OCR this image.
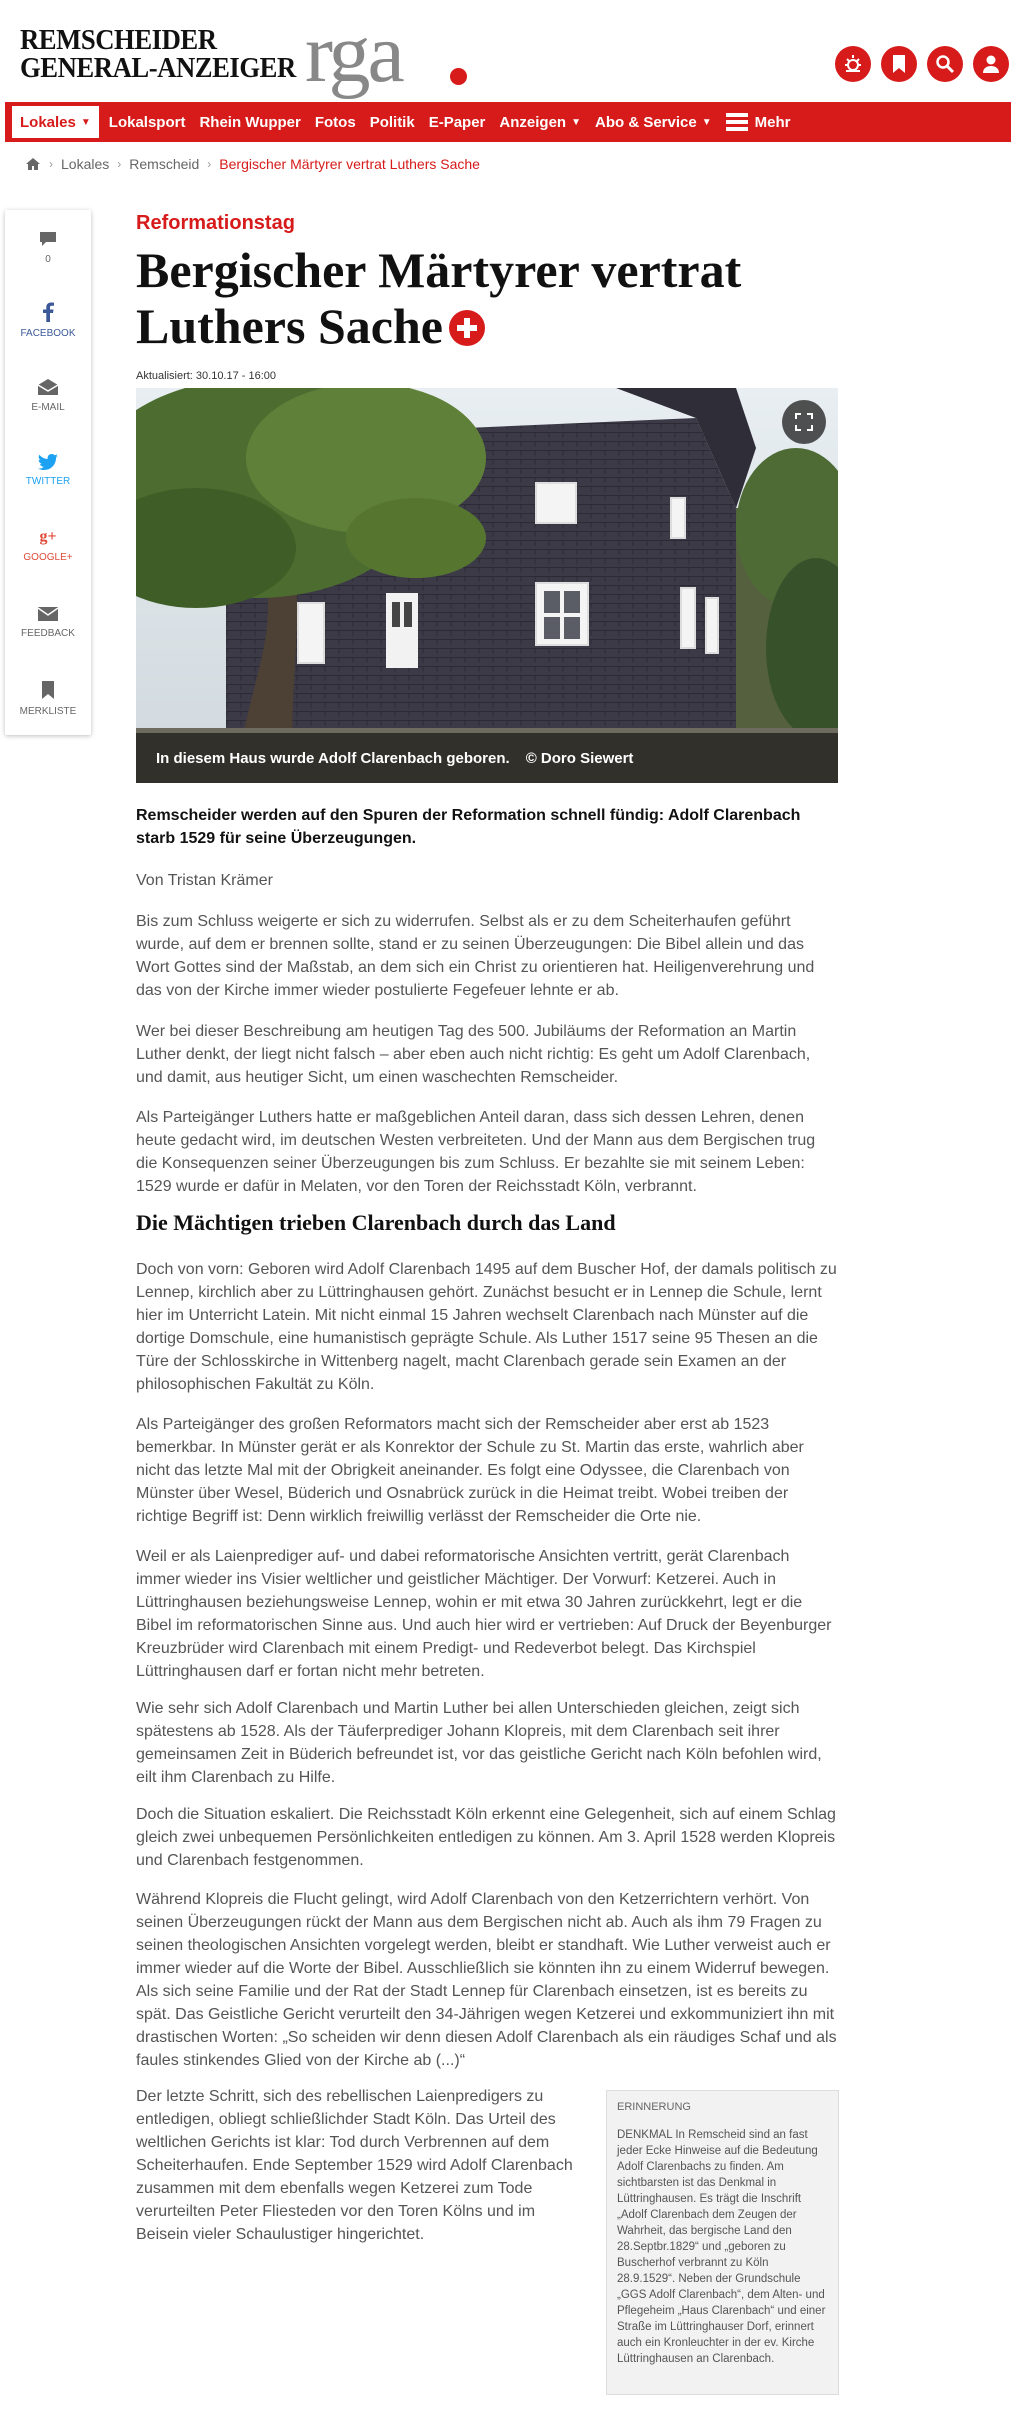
REMSCHEIDER
GENERAL-ANZEIGER rga
Lokales ▼	Lokalsport Rhein Wupper Fotos Politik E-Paper Anzeigen ▼ Abo & Service ▼	Mehr
› Lokales › Remscheid › Bergischer Märtyrer vertrat Luthers Sache
0
FACEBOOK
E-MAIL
TWITTER
g+
GOOGLE+
FEEDBACK
MERKLISTE
Reformationstag
Bergischer Märtyrer vertrat Luthers Sache
Aktualisiert: 30.10.17 - 16:00
In diesem Haus wurde Adolf Clarenbach geboren. © Doro Siewert

Remscheider werden auf den Spuren der Reformation schnell fündig: Adolf Clarenbach starb 1529 für seine Überzeugungen.

Von Tristan Krämer

Bis zum Schluss weigerte er sich zu widerrufen. Selbst als er zu dem Scheiterhaufen geführt wurde, auf dem er brennen sollte, stand er zu seinen Überzeugungen: Die Bibel allein und das Wort Gottes sind der Maßstab, an dem sich ein Christ zu orientieren hat. Heiligenverehrung und das von der Kirche immer wieder postulierte Fegefeuer lehnte er ab.

Wer bei dieser Beschreibung am heutigen Tag des 500. Jubiläums der Reformation an Martin Luther denkt, der liegt nicht falsch – aber eben auch nicht richtig: Es geht um Adolf Clarenbach, und damit, aus heutiger Sicht, um einen waschechten Remscheider.

Als Parteigänger Luthers hatte er maßgeblichen Anteil daran, dass sich dessen Lehren, denen heute gedacht wird, im deutschen Westen verbreiteten. Und der Mann aus dem Bergischen trug die Konsequenzen seiner Überzeugungen bis zum Schluss. Er bezahlte sie mit seinem Leben: 1529 wurde er dafür in Melaten, vor den Toren der Reichsstadt Köln, verbrannt.

Die Mächtigen trieben Clarenbach durch das Land

Doch von vorn: Geboren wird Adolf Clarenbach 1495 auf dem Buscher Hof, der damals politisch zu Lennep, kirchlich aber zu Lüttringhausen gehört. Zunächst besucht er in Lennep die Schule, lernt hier im Unterricht Latein. Mit nicht einmal 15 Jahren wechselt Clarenbach nach Münster auf die dortige Domschule, eine humanistisch geprägte Schule. Als Luther 1517 seine 95 Thesen an die Türe der Schlosskirche in Wittenberg nagelt, macht Clarenbach gerade sein Examen an der philosophischen Fakultät zu Köln.

Als Parteigänger des großen Reformators macht sich der Remscheider aber erst ab 1523 bemerkbar. In Münster gerät er als Konrektor der Schule zu St. Martin das erste, wahrlich aber nicht das letzte Mal mit der Obrigkeit aneinander. Es folgt eine Odyssee, die Clarenbach von Münster über Wesel, Büderich und Osnabrück zurück in die Heimat treibt. Wobei treiben der richtige Begriff ist: Denn wirklich freiwillig verlässt der Remscheider die Orte nie.

Weil er als Laienprediger auf- und dabei reformatorische Ansichten vertritt, gerät Clarenbach immer wieder ins Visier weltlicher und geistlicher Mächtiger. Der Vorwurf: Ketzerei. Auch in Lüttringhausen beziehungsweise Lennep, wohin er mit etwa 30 Jahren zurückkehrt, legt er die Bibel im reformatorischen Sinne aus. Und auch hier wird er vertrieben: Auf Druck der Beyenburger Kreuzbrüder wird Clarenbach mit einem Predigt- und Redeverbot belegt. Das Kirchspiel Lüttringhausen darf er fortan nicht mehr betreten.

Wie sehr sich Adolf Clarenbach und Martin Luther bei allen Unterschieden gleichen, zeigt sich spätestens ab 1528. Als der Täuferprediger Johann Klopreis, mit dem Clarenbach seit ihrer gemeinsamen Zeit in Büderich befreundet ist, vor das geistliche Gericht nach Köln befohlen wird, eilt ihm Clarenbach zu Hilfe.

Doch die Situation eskaliert. Die Reichsstadt Köln erkennt eine Gelegenheit, sich auf einem Schlag gleich zwei unbequemen Persönlichkeiten entledigen zu können. Am 3. April 1528 werden Klopreis und Clarenbach festgenommen.

Während Klopreis die Flucht gelingt, wird Adolf Clarenbach von den Ketzerrichtern verhört. Von seinen Überzeugungen rückt der Mann aus dem Bergischen nicht ab. Auch als ihm 79 Fragen zu seinen theologischen Ansichten vorgelegt werden, bleibt er standhaft. Wie Luther verweist auch er immer wieder auf die Worte der Bibel. Ausschließlich sie könnten ihn zu einem Widerruf bewegen. Als sich seine Familie und der Rat der Stadt Lennep für Clarenbach einsetzen, ist es bereits zu spät. Das Geistliche Gericht verurteilt den 34-Jährigen wegen Ketzerei und exkommuniziert ihn mit drastischen Worten: „So scheiden wir denn diesen Adolf Clarenbach als ein räudiges Schaf und als faules stinkendes Glied von der Kirche ab (...)“

Der letzte Schritt, sich des rebellischen Laienpredigers zu entledigen, obliegt schließlichder Stadt Köln. Das Urteil des weltlichen Gerichts ist klar: Tod durch Verbrennen auf dem Scheiterhaufen. Ende September 1529 wird Adolf Clarenbach zusammen mit dem ebenfalls wegen Ketzerei zum Tode verurteilten Peter Fliesteden vor den Toren Kölns und im Beisein vieler Schaulustiger hingerichtet.

ERINNERUNG
DENKMAL In Remscheid sind an fast jeder Ecke Hinweise auf die Bedeutung Adolf Clarenbachs zu finden. Am sichtbarsten ist das Denkmal in Lüttringhausen. Es trägt die Inschrift „Adolf Clarenbach dem Zeugen der Wahrheit, das bergische Land den 28.Septbr.1829“ und „geboren zu Buscherhof verbrannt zu Köln 28.9.1529“. Neben der Grundschule „GGS Adolf Clarenbach“, dem Alten- und Pflegeheim „Haus Clarenbach“ und einer Straße im Lüttringhauser Dorf, erinnert auch ein Kronleuchter in der ev. Kirche Lüttringhausen an Clarenbach.
